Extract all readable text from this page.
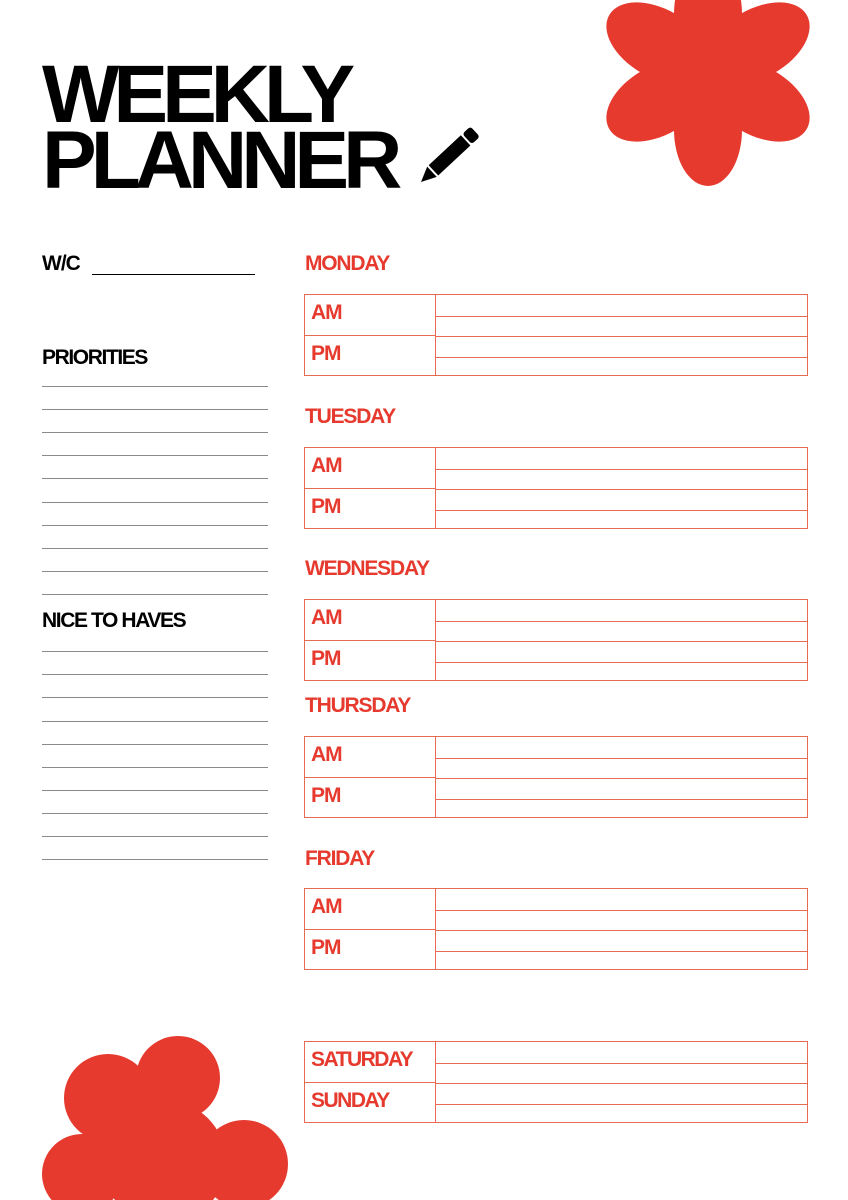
WEEKLY
PLANNER
W/C
PRIORITIES
NICE TO HAVES
MONDAY
AM
PM
TUESDAY
AM
PM
WEDNESDAY
AM
PM
THURSDAY
AM
PM
FRIDAY
AM
PM
SATURDAY
SUNDAY
